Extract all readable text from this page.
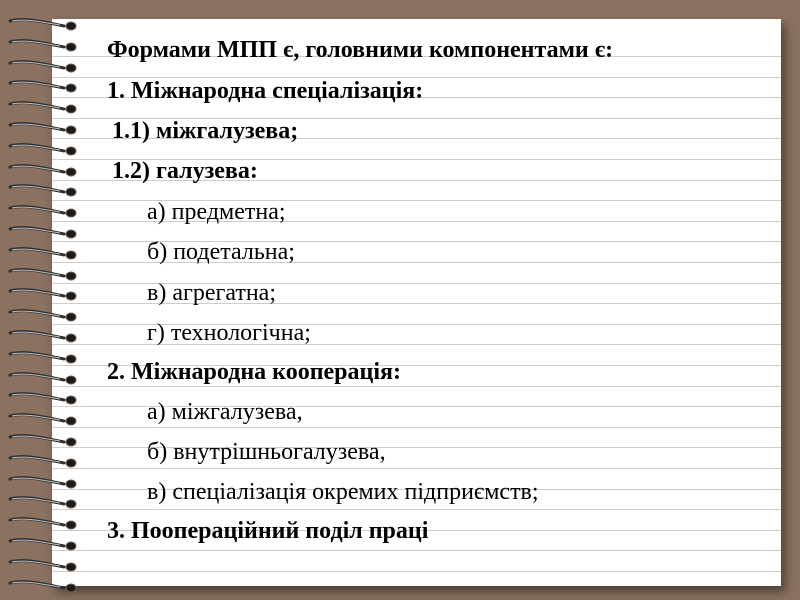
Формами МПП є, головними компонентами є:
1. Міжнародна спеціалізація:
1.1) міжгалузева;
1.2) галузева:
а) предметна;
б) подетальна;
в) агрегатна;
г) технологічна;
2. Міжнародна кооперація:
а) міжгалузева,
б) внутрішньогалузева,
в) спеціалізація окремих підприємств;
3. Поопераційний поділ праці
